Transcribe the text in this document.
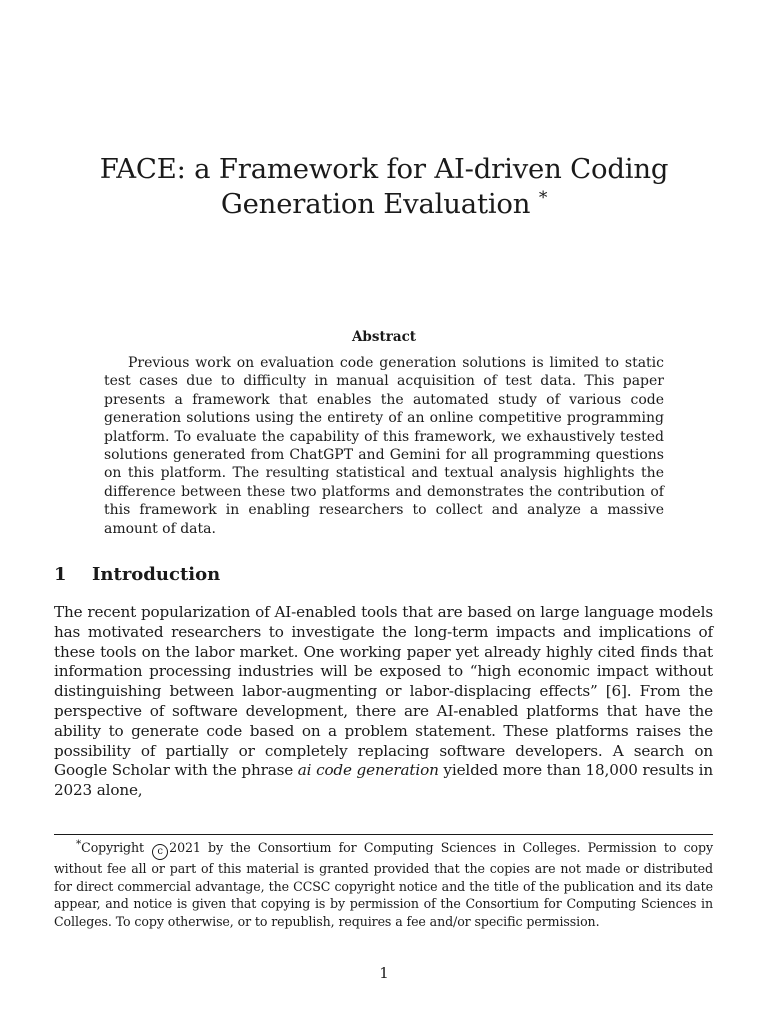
FACE: a Framework for AI-driven Coding
Generation Evaluation *
Abstract

Previous work on evaluation code generation solutions is limited to static test cases due to difficulty in manual acquisition of test data. This paper presents a framework that enables the automated study of various code generation solutions using the entirety of an online competitive programming platform. To evaluate the capability of this framework, we exhaustively tested solutions generated from ChatGPT and Gemini for all programming questions on this platform. The resulting statistical and textual analysis highlights the difference between these two platforms and demonstrates the contribution of this framework in enabling researchers to collect and analyze a massive amount of data.

1 Introduction

The recent popularization of AI-enabled tools that are based on large language models has motivated researchers to investigate the long-term impacts and implications of these tools on the labor market. One working paper yet already highly cited finds that information processing industries will be exposed to “high economic impact without distinguishing between labor-augmenting or labor-displacing effects” [6]. From the perspective of software development, there are AI-enabled platforms that have the ability to generate code based on a problem statement. These platforms raises the possibility of partially or completely replacing software developers. A search on Google Scholar with the phrase ai code generation yielded more than 18,000 results in 2023 alone,

*Copyright c 2021 by the Consortium for Computing Sciences in Colleges. Permission to copy without fee all or part of this material is granted provided that the copies are not made or distributed for direct commercial advantage, the CCSC copyright notice and the title of the publication and its date appear, and notice is given that copying is by permission of the Consortium for Computing Sciences in Colleges. To copy otherwise, or to republish, requires a fee and/or specific permission.

1
